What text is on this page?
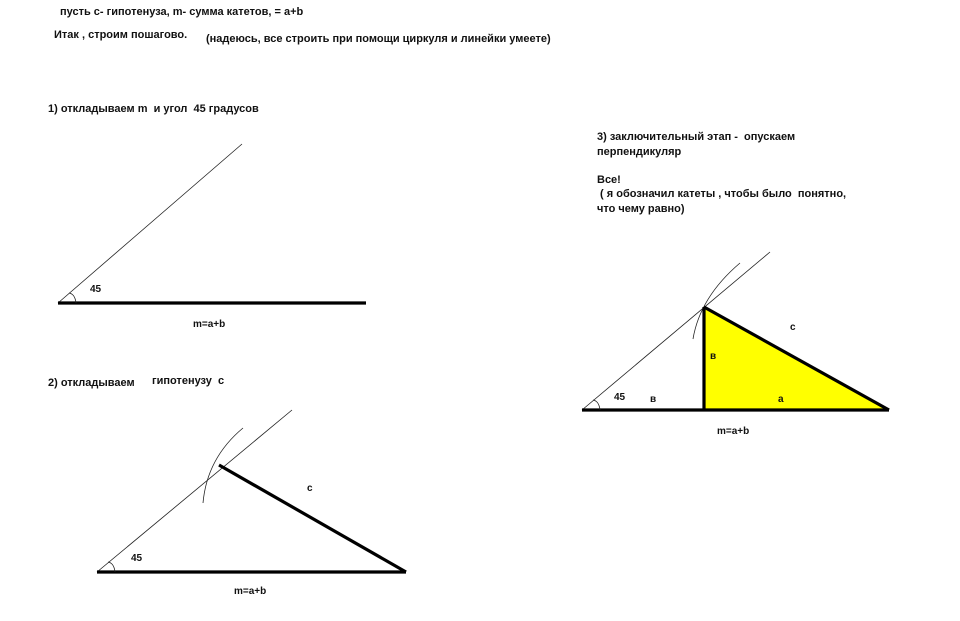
пусть с- гипотенуза, m- сумма катетов, = a+b
Итак , строим пошагово. (надеюсь, все строить при помощи циркуля и линейки умеете)
1) откладываем m  и угол  45 градусов
2) откладываем гипотенузу  c
3) заключительный этап -  опускаем
перпендикуляр
Все!
( я обозначил катеты , чтобы было  понятно,
что чему равно)
45
m=a+b
45
c
m=a+b
45 в
в
a
c
m=a+b
